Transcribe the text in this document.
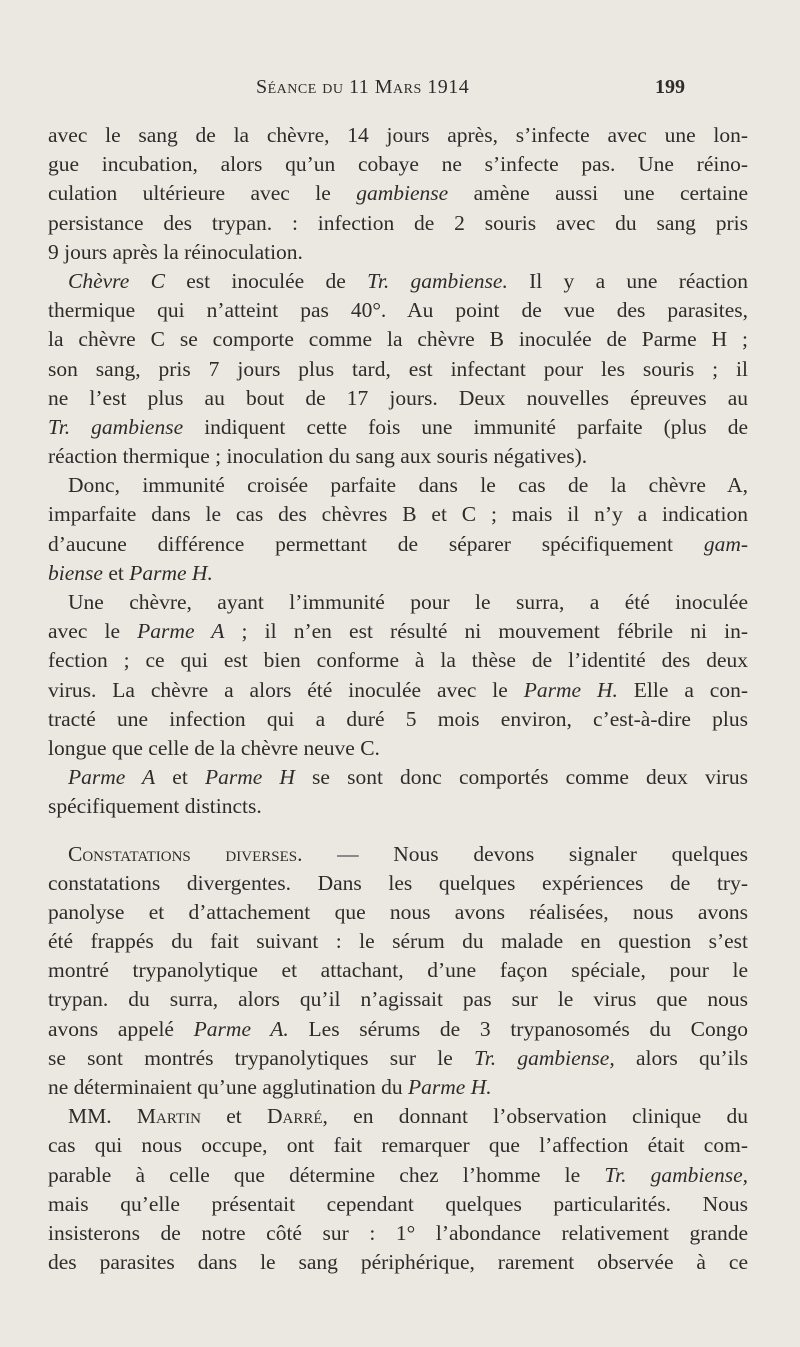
Séance du 11 Mars 1914	199
avec le sang de la chèvre, 14 jours après, s’infecte avec une lon-
gue incubation, alors qu’un cobaye ne s’infecte pas. Une réino-
culation ultérieure avec le gambiense amène aussi une certaine
persistance des trypan. : infection de 2 souris avec du sang pris
9 jours après la réinoculation.
Chèvre C est inoculée de Tr. gambiense. Il y a une réaction
thermique qui n’atteint pas 40°. Au point de vue des parasites,
la chèvre C se comporte comme la chèvre B inoculée de Parme H ;
son sang, pris 7 jours plus tard, est infectant pour les souris ; il
ne l’est plus au bout de 17 jours. Deux nouvelles épreuves au
Tr. gambiense indiquent cette fois une immunité parfaite (plus de
réaction thermique ; inoculation du sang aux souris négatives).
Donc, immunité croisée parfaite dans le cas de la chèvre A,
imparfaite dans le cas des chèvres B et C ; mais il n’y a indication
d’aucune différence permettant de séparer spécifiquement gam-
biense et Parme H.
Une chèvre, ayant l’immunité pour le surra, a été inoculée
avec le Parme A ; il n’en est résulté ni mouvement fébrile ni in-
fection ; ce qui est bien conforme à la thèse de l’identité des deux
virus. La chèvre a alors été inoculée avec le Parme H. Elle a con-
tracté une infection qui a duré 5 mois environ, c’est-à-dire plus
longue que celle de la chèvre neuve C.
Parme A et Parme H se sont donc comportés comme deux virus
spécifiquement distincts.
Constatations diverses. — Nous devons signaler quelques
constatations divergentes. Dans les quelques expériences de try-
panolyse et d’attachement que nous avons réalisées, nous avons
été frappés du fait suivant : le sérum du malade en question s’est
montré trypanolytique et attachant, d’une façon spéciale, pour le
trypan. du surra, alors qu’il n’agissait pas sur le virus que nous
avons appelé Parme A. Les sérums de 3 trypanosomés du Congo
se sont montrés trypanolytiques sur le Tr. gambiense, alors qu’ils
ne déterminaient qu’une agglutination du Parme H.
MM. Martin et Darré, en donnant l’observation clinique du
cas qui nous occupe, ont fait remarquer que l’affection était com-
parable à celle que détermine chez l’homme le Tr. gambiense,
mais qu’elle présentait cependant quelques particularités. Nous
insisterons de notre côté sur : 1° l’abondance relativement grande
des parasites dans le sang périphérique, rarement observée à ce
